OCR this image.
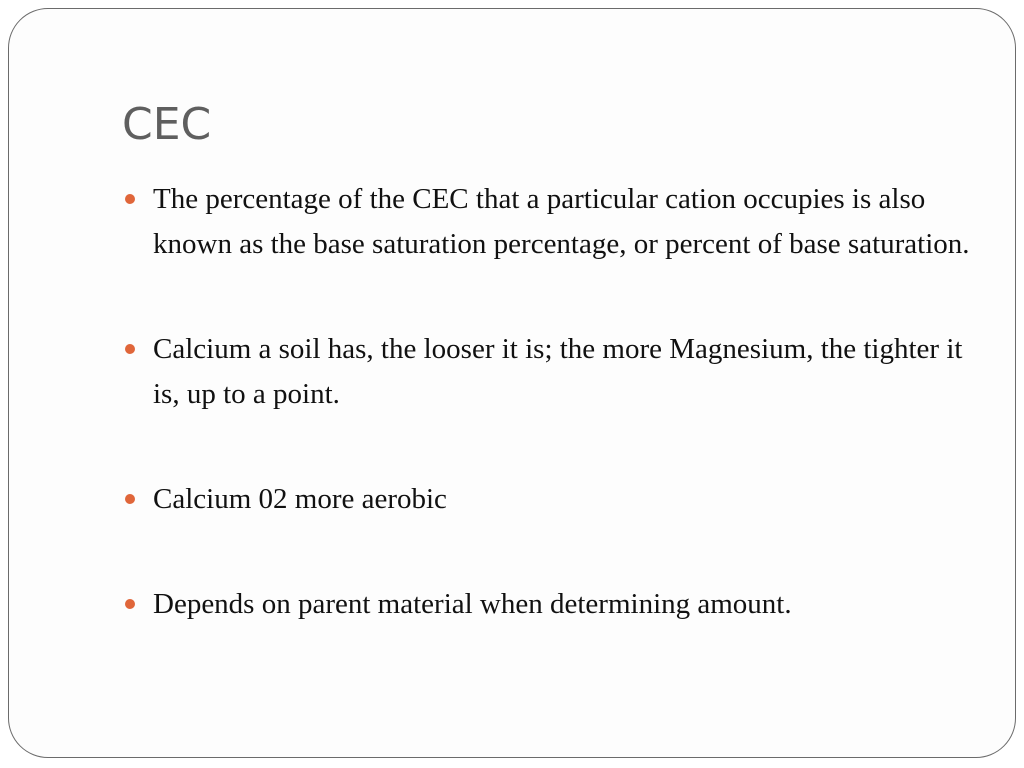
CEC
The percentage of the CEC that a particular cation occupies is also known as the base saturation percentage, or percent of base saturation.
Calcium a soil has, the looser it is; the more Magnesium, the tighter it is, up to a point.
Calcium 02 more aerobic
Depends on parent material when determining amount.
